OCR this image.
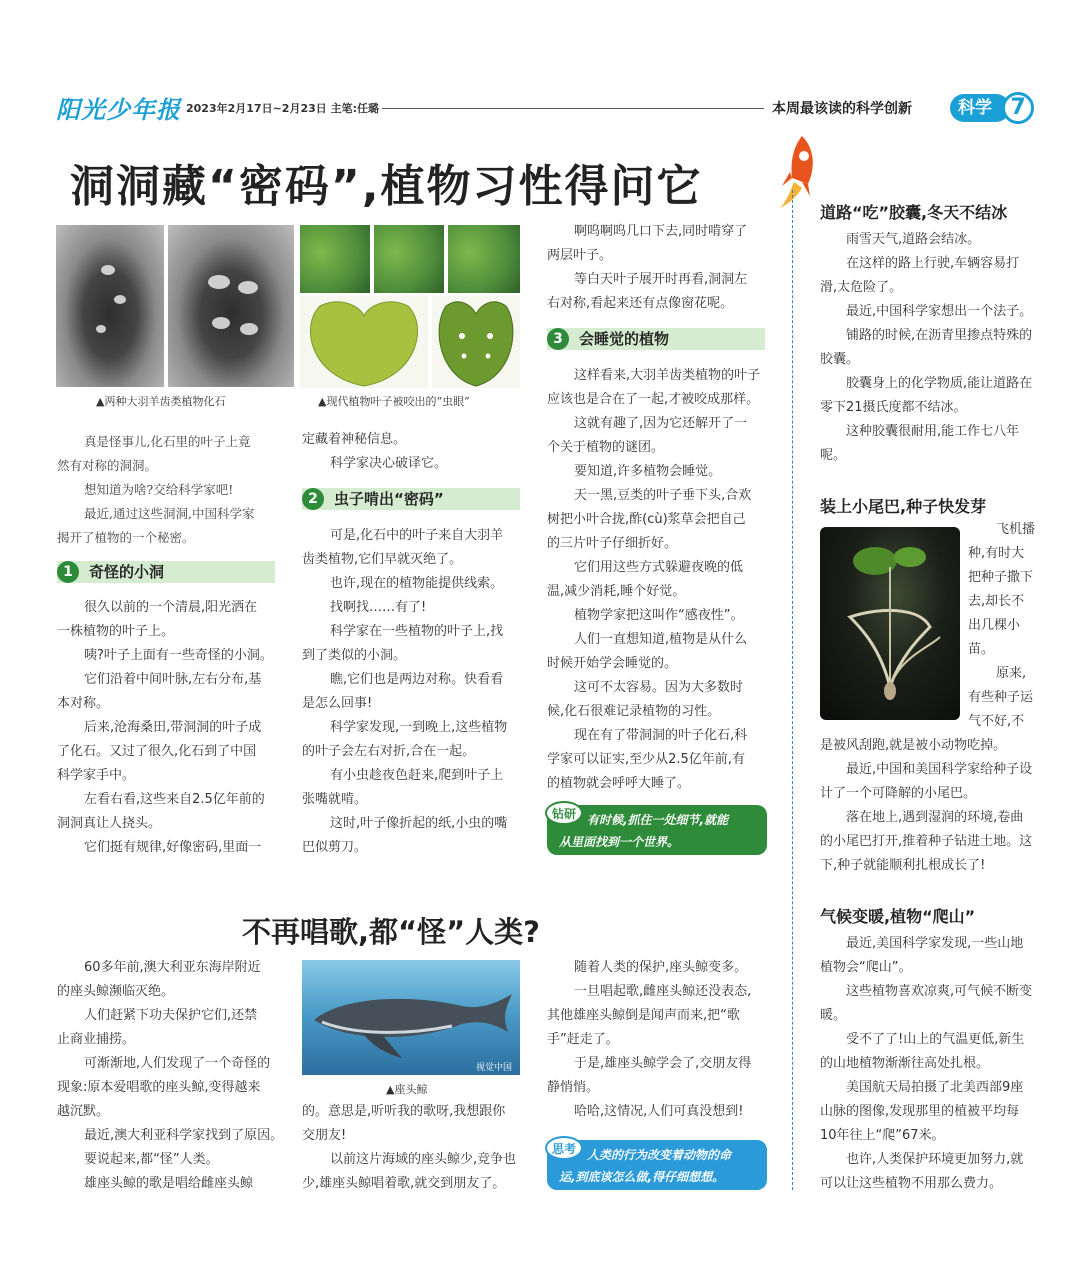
阳光少年报 2023年2月17日~2月23日 主笔:任璐	本周最该读的科学创新	科学 7
洞洞藏“密码”,植物习性得问它
▲两种大羽羊齿类植物化石	▲现代植物叶子被咬出的“虫眼”
真是怪事儿,化石里的叶子上竟
然有对称的洞洞。
想知道为啥?交给科学家吧!
最近,通过这些洞洞,中国科学家
揭开了植物的一个秘密。
1	奇怪的小洞
很久以前的一个清晨,阳光洒在
一株植物的叶子上。
咦?叶子上面有一些奇怪的小洞。
它们沿着中间叶脉,左右分布,基
本对称。
后来,沧海桑田,带洞洞的叶子成
了化石。又过了很久,化石到了中国
科学家手中。
左看右看,这些来自2.5亿年前的
洞洞真让人挠头。
它们挺有规律,好像密码,里面一
定藏着神秘信息。
科学家决心破译它。
2	虫子啃出“密码”
可是,化石中的叶子来自大羽羊
齿类植物,它们早就灭绝了。
也许,现在的植物能提供线索。
找啊找……有了!
科学家在一些植物的叶子上,找
到了类似的小洞。
瞧,它们也是两边对称。快看看
是怎么回事!
科学家发现,一到晚上,这些植物
的叶子会左右对折,合在一起。
有小虫趁夜色赶来,爬到叶子上
张嘴就啃。
这时,叶子像折起的纸,小虫的嘴
巴似剪刀。
啊呜啊呜几口下去,同时啃穿了
两层叶子。
等白天叶子展开时再看,洞洞左
右对称,看起来还有点像窗花呢。
3	会睡觉的植物
这样看来,大羽羊齿类植物的叶子
应该也是合在了一起,才被咬成那样。
这就有趣了,因为它还解开了一
个关于植物的谜团。
要知道,许多植物会睡觉。
天一黑,豆类的叶子垂下头,合欢
树把小叶合拢,酢(cù)浆草会把自己
的三片叶子仔细折好。
它们用这些方式躲避夜晚的低
温,减少消耗,睡个好觉。
植物学家把这叫作“感夜性”。
人们一直想知道,植物是从什么
时候开始学会睡觉的。
这可不太容易。因为大多数时
候,化石很难记录植物的习性。
现在有了带洞洞的叶子化石,科
学家可以证实,至少从2.5亿年前,有
的植物就会呼呼大睡了。
钻研 有时候,抓住一处细节,就能
从里面找到一个世界。
道路“吃”胶囊,冬天不结冰
雨雪天气,道路会结冰。
在这样的路上行驶,车辆容易打
滑,太危险了。
最近,中国科学家想出一个法子。
铺路的时候,在沥青里掺点特殊的
胶囊。
胶囊身上的化学物质,能让道路在
零下21摄氏度都不结冰。
这种胶囊很耐用,能工作七八年
呢。
装上小尾巴,种子快发芽
飞机播
种,有时大
把种子撒下
去,却长不
出几棵小
苗。
原来,
有些种子运
气不好,不
是被风刮跑,就是被小动物吃掉。
最近,中国和美国科学家给种子设
计了一个可降解的小尾巴。
落在地上,遇到湿润的环境,卷曲
的小尾巴打开,推着种子钻进土地。这
下,种子就能顺利扎根成长了!
气候变暖,植物“爬山”
最近,美国科学家发现,一些山地
植物会“爬山”。
这些植物喜欢凉爽,可气候不断变
暖。
受不了了!山上的气温更低,新生
的山地植物渐渐往高处扎根。
美国航天局拍摄了北美西部9座
山脉的图像,发现那里的植被平均每
10年往上“爬”67米。
也许,人类保护环境更加努力,就
可以让这些植物不用那么费力。
不再唱歌,都“怪”人类?
60多年前,澳大利亚东海岸附近
的座头鲸濒临灭绝。
人们赶紧下功夫保护它们,还禁
止商业捕捞。
可渐渐地,人们发现了一个奇怪的
现象:原本爱唱歌的座头鲸,变得越来
越沉默。
最近,澳大利亚科学家找到了原因。
要说起来,都“怪”人类。
雄座头鲸的歌是唱给雌座头鲸
视觉中国
▲座头鲸
的。意思是,听听我的歌呀,我想跟你
交朋友!
以前这片海域的座头鲸少,竞争也
少,雄座头鲸唱着歌,就交到朋友了。
随着人类的保护,座头鲸变多。
一旦唱起歌,雌座头鲸还没表态,
其他雄座头鲸倒是闻声而来,把“歌
手”赶走了。
于是,雄座头鲸学会了,交朋友得
静悄悄。
哈哈,这情况,人们可真没想到!
思考 人类的行为改变着动物的命
运,到底该怎么做,得仔细想想。
